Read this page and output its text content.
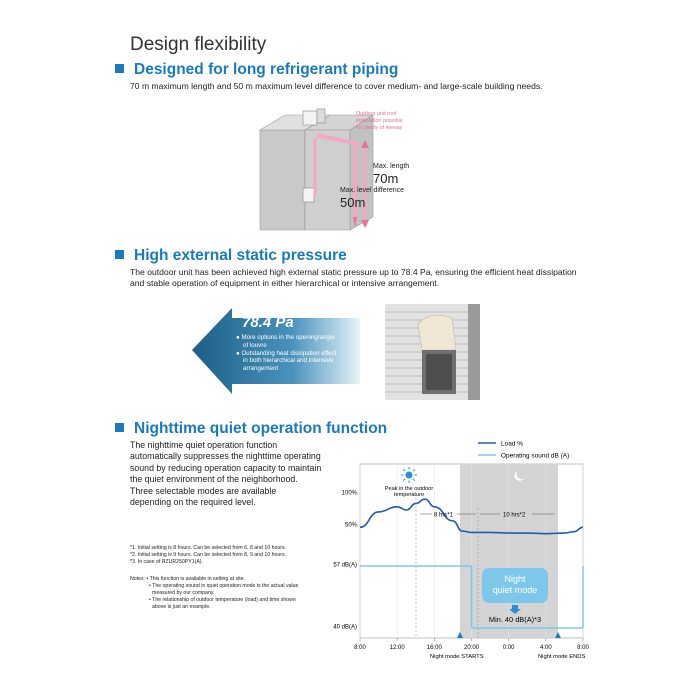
Design flexibility
Designed for long refrigerant piping
70 m maximum length and 50 m maximum level difference to cover medium- and large-scale building needs.
Outdoor unit roof
installation possible
for plenty of leeway
Max. length
70m
Max. level difference
50m
High external static pressure
The outdoor unit has been achieved high external static pressure up to 78.4 Pa, ensuring the efficient heat dissipation and stable operation of equipment in either hierarchical or intensive arrangement.
78.4 Pa
● More options in the opening/angle
of louvre
● Outstanding heat dissipation effect
in both hierarchical and intensive
arrangement
Nighttime quiet operation function
The nighttime quiet operation function
automatically suppresses the nighttime operating
sound by reducing operation capacity to maintain
the quiet environment of the neighborhood.
Three selectable modes are available
depending on the required level.
*1. Initial setting is 8 hours. Can be selected from 6, 8 and 10 hours.
*2. Initial setting is 9 hours. Can be selected from 8, 9 and 10 hours.
*3. In case of RZUR250PY1(A).
Notes: • This function is available in setting at site.
• The operating sound in quiet operation mode is the actual value
measured by our company.
• The relationship of outdoor temperature (load) and time shown
above is just an example.
Load %
Operating sound dB (A)
8:00	12:00	16:00	20:00	0:00	4:00	8:00
100%
50%
57 dB(A)
40 dB(A)
Peak in the outdoor
temperature
8 hrs*1	10 hrs*2
Night
quiet mode
Min. 40 dB(A)*3
Night mode STARTS	Night mode ENDS
